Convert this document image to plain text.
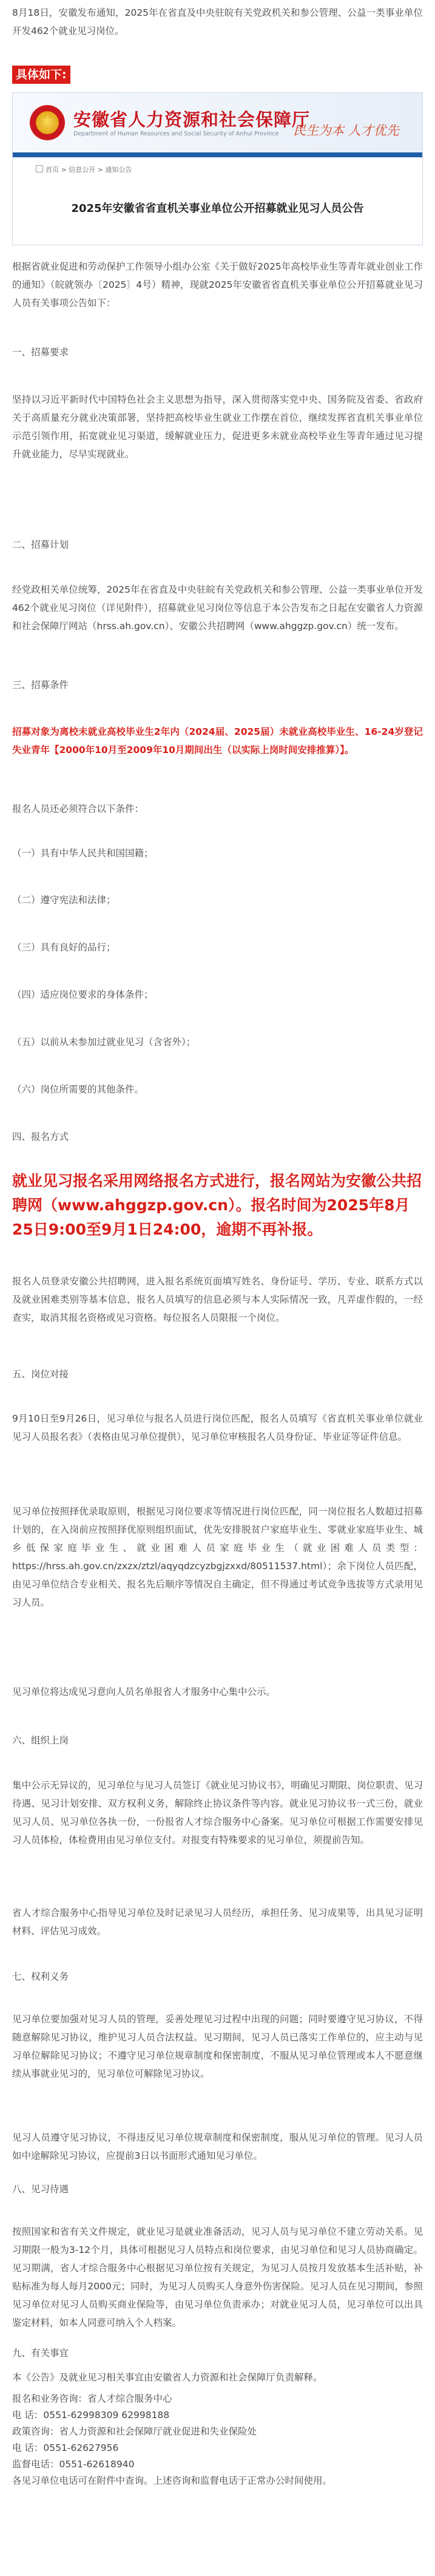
8月18日，安徽发布通知，2025年在省直及中央驻皖有关党政机关和参公管理、公益一类事业单位开发462个就业见习岗位。

具体如下:
★	安徽省人力资源和社会保障厅
Department of Human Resources and Social Security of Anhui Province 民生为本 人才优先
首页 > 信息公开 > 通知公告
2025年安徽省省直机关事业单位公开招募就业见习人员公告

根据省就业促进和劳动保护工作领导小组办公室《关于做好2025年高校毕业生等青年就业创业工作的通知》（皖就领办〔2025〕4号）精神，现就2025年安徽省省直机关事业单位公开招募就业见习人员有关事项公告如下：

一、招募要求

坚持以习近平新时代中国特色社会主义思想为指导，深入贯彻落实党中央、国务院及省委、省政府关于高质量充分就业决策部署，坚持把高校毕业生就业工作摆在首位，继续发挥省直机关事业单位示范引领作用，拓宽就业见习渠道，缓解就业压力，促进更多未就业高校毕业生等青年通过见习提升就业能力，尽早实现就业。

二、招募计划

经党政相关单位统筹，2025年在省直及中央驻皖有关党政机关和参公管理、公益一类事业单位开发462个就业见习岗位（详见附件），招募就业见习岗位等信息于本公告发布之日起在安徽省人力资源和社会保障厅网站（hrss.ah.gov.cn）、安徽公共招聘网（www.ahggzp.gov.cn）统一发布。

三、招募条件

招募对象为离校未就业高校毕业生2年内（2024届、2025届）未就业高校毕业生、16-24岁登记失业青年【2000年10月至2009年10月期间出生（以实际上岗时间安排推算）】。

报名人员还必须符合以下条件：
（一）具有中华人民共和国国籍；
（二）遵守宪法和法律；
（三）具有良好的品行；
（四）适应岗位要求的身体条件；
（五）以前从未参加过就业见习（含省外）；
（六）岗位所需要的其他条件。
四、报名方式

就业见习报名采用网络报名方式进行，报名网站为安徽公共招聘网（www.ahggzp.gov.cn）。报名时间为2025年8月25日9:00至9月1日24:00，逾期不再补报。

报名人员登录安徽公共招聘网，进入报名系统页面填写姓名、身份证号、学历、专业、联系方式以及就业困难类别等基本信息，报名人员填写的信息必须与本人实际情况一致，凡弄虚作假的，一经查实，取消其报名资格或见习资格。每位报名人员限报一个岗位。

五、岗位对接

9月10日至9月26日，见习单位与报名人员进行岗位匹配，报名人员填写《省直机关事业单位就业见习人员报名表》（表格由见习单位提供），见习单位审核报名人员身份证、毕业证等证件信息。

见习单位按照择优录取原则，根据见习岗位要求等情况进行岗位匹配，同一岗位报名人数超过招募计划的，在入岗前应按照择优原则组织面试，优先安排脱贫户家庭毕业生、零就业家庭毕业生、城乡低保家庭毕业生、就业困难人员家庭毕业生（就业困难人员类型：https://hrss.ah.gov.cn/zxzx/ztzl/aqyqdzcyzbgjzxxd/80511537.html）；余下岗位人员匹配，由见习单位结合专业相关、报名先后顺序等情况自主确定，但不得通过考试竞争选拔等方式录用见习人员。

见习单位将达成见习意向人员名单报省人才服务中心集中公示。

六、组织上岗

集中公示无异议的，见习单位与见习人员签订《就业见习协议书》，明确见习期限、岗位职责、见习待遇、见习计划安排、双方权利义务，解除终止协议条件等内容。就业见习协议书一式三份，就业见习人员、见习单位各执一份，一份报省人才综合服务中心备案。见习单位可根据工作需要安排见习人员体检，体检费用由见习单位支付。对报变有特殊要求的见习单位，须提前告知。

省人才综合服务中心指导见习单位及时记录见习人员经历，承担任务、见习成果等，出具见习证明材料、评估见习成效。

七、权利义务

见习单位要加强对见习人员的管理，妥善处理见习过程中出现的问题；同时要遵守见习协议，不得随意解除见习协议，维护见习人员合法权益。见习期间，见习人员已落实工作单位的，应主动与见习单位解除见习协议；不遵守见习单位规章制度和保密制度，不服从见习单位管理或本人不愿意继续从事就业见习的，见习单位可解除见习协议。

见习人员遵守见习协议，不得违反见习单位规章制度和保密制度，服从见习单位的管理。见习人员如中途解除见习协议，应提前3日以书面形式通知见习单位。

八、见习待遇

按照国家和省有关文件规定，就业见习是就业准备活动，见习人员与见习单位不建立劳动关系。见习期限一般为3-12个月，具体可根据见习人员特点和岗位要求，由见习单位和见习人员协商确定。见习期满，省人才综合服务中心根据见习单位按有关规定，为见习人员按月发放基本生活补贴，补贴标准为每人每月2000元；同时，为见习人员购买人身意外伤害保险。见习人员在见习期间，参照见习单位对见习人员购买商业保险等，由见习单位负责承办；对就业见习人员，见习单位可以出具鉴定材料，如本人同意可纳入个人档案。

九、有关事宜

本《公告》及就业见习相关事宜由安徽省人力资源和社会保障厅负责解释。

报名和业务咨询：省人才综合服务中心
电 话：0551-62998309 62998188
政策咨询：省人力资源和社会保障厅就业促进和失业保险处
电 话：0551-62627956
监督电话：0551-62618940
各见习单位电话可在附件中查询。上述咨询和监督电话于正常办公时间使用。
